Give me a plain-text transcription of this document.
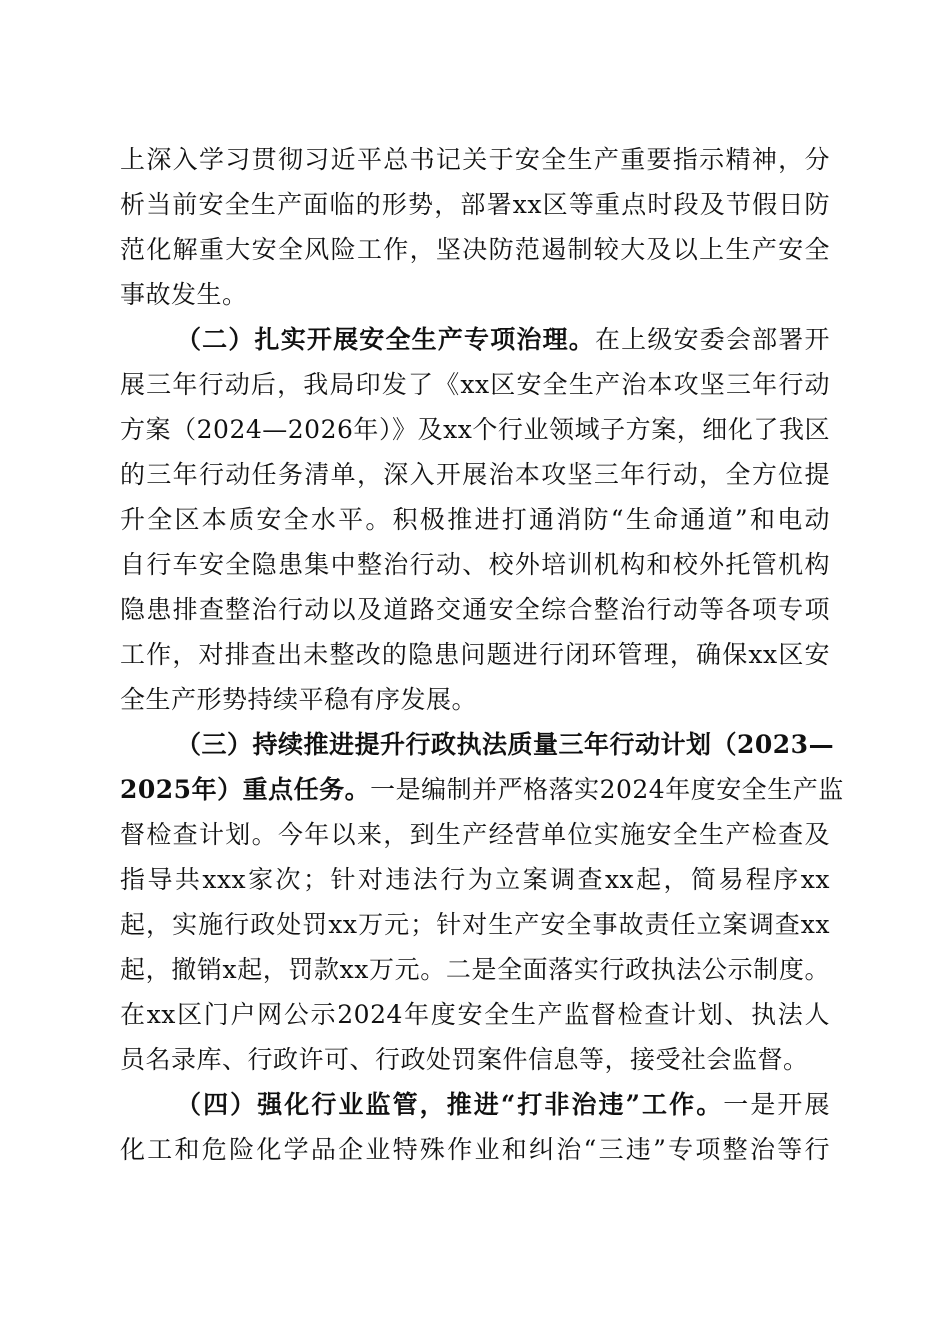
上深入学习贯彻习近平总书记关于安全生产重要指示精神，分
析当前安全生产面临的形势，部署xx区等重点时段及节假日防
范化解重大安全风险工作，坚决防范遏制较大及以上生产安全
事故发生。
（二）扎实开展安全生产专项治理。在上级安委会部署开
展三年行动后，我局印发了《xx区安全生产治本攻坚三年行动
方案（2024—2026年）》及xx个行业领域子方案，细化了我区
的三年行动任务清单，深入开展治本攻坚三年行动，全方位提
升全区本质安全水平。积极推进打通消防“生命通道”和电动
自行车安全隐患集中整治行动、校外培训机构和校外托管机构
隐患排查整治行动以及道路交通安全综合整治行动等各项专项
工作，对排查出未整改的隐患问题进行闭环管理，确保xx区安
全生产形势持续平稳有序发展。
（三）持续推进提升行政执法质量三年行动计划（2023—
2025年）重点任务。一是编制并严格落实2024年度安全生产监
督检查计划。今年以来，到生产经营单位实施安全生产检查及
指导共xxx家次；针对违法行为立案调查xx起，简易程序xx
起，实施行政处罚xx万元；针对生产安全事故责任立案调查xx
起，撤销x起，罚款xx万元。二是全面落实行政执法公示制度。
在xx区门户网公示2024年度安全生产监督检查计划、执法人
员名录库、行政许可、行政处罚案件信息等，接受社会监督。
（四）强化行业监管，推进“打非治违”工作。一是开展
化工和危险化学品企业特殊作业和纠治“三违”专项整治等行
